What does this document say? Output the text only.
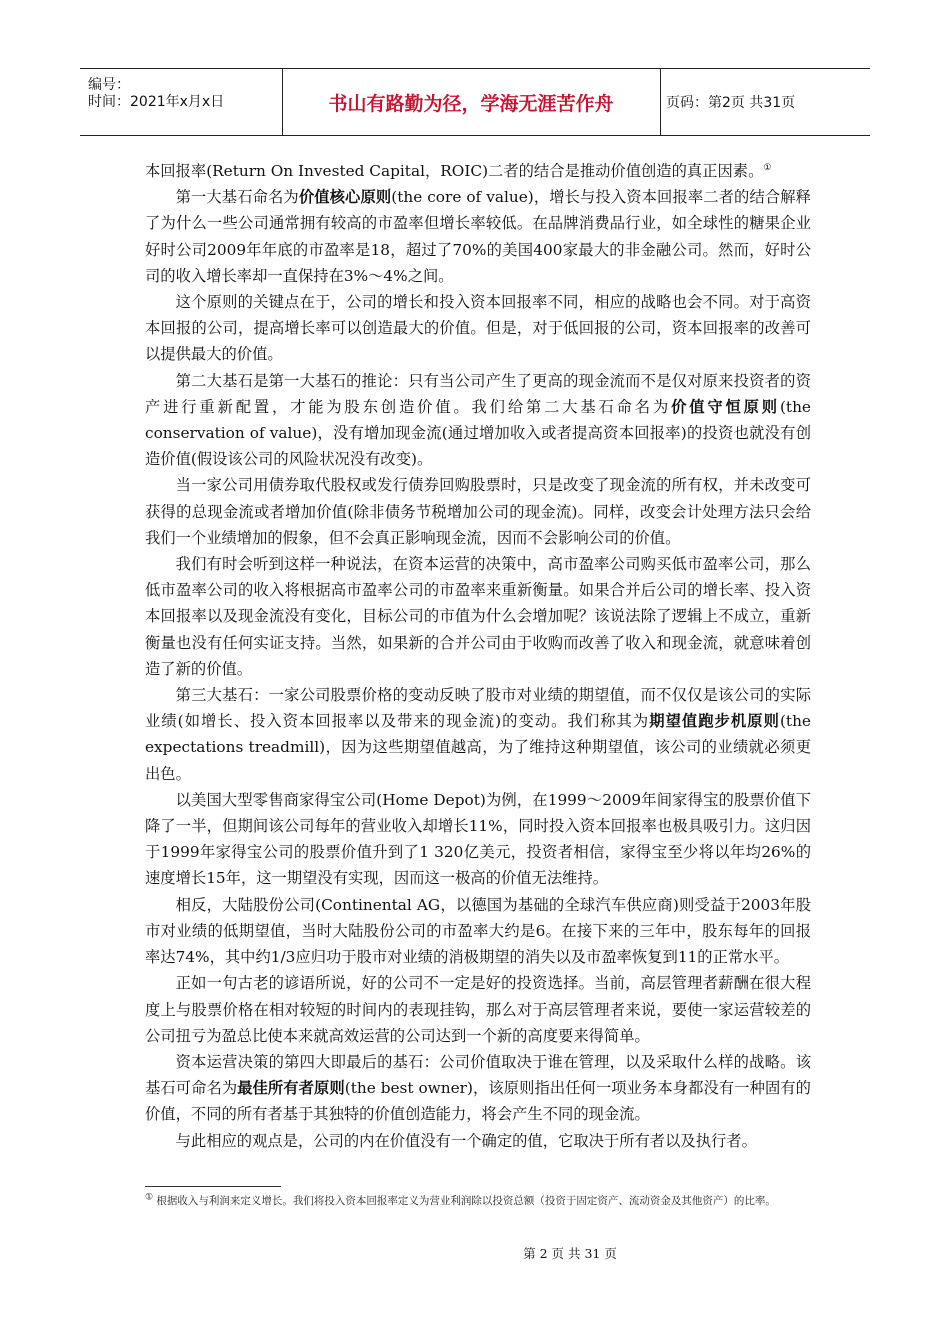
编号：
时间：2021年x月x日	书山有路勤为径，学海无涯苦作舟	页码：第2页 共31页

本回报率(Return On Invested Capital，ROIC)二者的结合是推动价值创造的真正因素。①

第一大基石命名为价值核心原则(the core of value)，增长与投入资本回报率二者的结合解释了为什么一些公司通常拥有较高的市盈率但增长率较低。在品牌消费品行业，如全球性的糖果企业好时公司2009年年底的市盈率是18，超过了70%的美国400家最大的非金融公司。然而，好时公司的收入增长率却一直保持在3%～4%之间。

这个原则的关键点在于，公司的增长和投入资本回报率不同，相应的战略也会不同。对于高资本回报的公司，提高增长率可以创造最大的价值。但是，对于低回报的公司，资本回报率的改善可以提供最大的价值。

第二大基石是第一大基石的推论：只有当公司产生了更高的现金流而不是仅对原来投资者的资产进行重新配置，才能为股东创造价值。我们给第二大基石命名为价值守恒原则(the conservation of value)，没有增加现金流(通过增加收入或者提高资本回报率)的投资也就没有创造价值(假设该公司的风险状况没有改变)。

当一家公司用债券取代股权或发行债券回购股票时，只是改变了现金流的所有权，并未改变可获得的总现金流或者增加价值(除非债务节税增加公司的现金流)。同样，改变会计处理方法只会给我们一个业绩增加的假象，但不会真正影响现金流，因而不会影响公司的价值。

我们有时会听到这样一种说法，在资本运营的决策中，高市盈率公司购买低市盈率公司，那么低市盈率公司的收入将根据高市盈率公司的市盈率来重新衡量。如果合并后公司的增长率、投入资本回报率以及现金流没有变化，目标公司的市值为什么会增加呢？该说法除了逻辑上不成立，重新衡量也没有任何实证支持。当然，如果新的合并公司由于收购而改善了收入和现金流，就意味着创造了新的价值。

第三大基石：一家公司股票价格的变动反映了股市对业绩的期望值，而不仅仅是该公司的实际业绩(如增长、投入资本回报率以及带来的现金流)的变动。我们称其为期望值跑步机原则(the expectations treadmill)，因为这些期望值越高，为了维持这种期望值，该公司的业绩就必须更出色。

以美国大型零售商家得宝公司(Home Depot)为例，在1999～2009年间家得宝的股票价值下降了一半，但期间该公司每年的营业收入却增长11%，同时投入资本回报率也极具吸引力。这归因于1999年家得宝公司的股票价值升到了1 320亿美元，投资者相信，家得宝至少将以年均26%的速度增长15年，这一期望没有实现，因而这一极高的价值无法维持。

相反，大陆股份公司(Continental AG，以德国为基础的全球汽车供应商)则受益于2003年股市对业绩的低期望值，当时大陆股份公司的市盈率大约是6。在接下来的三年中，股东每年的回报率达74%，其中约1/3应归功于股市对业绩的消极期望的消失以及市盈率恢复到11的正常水平。

正如一句古老的谚语所说，好的公司不一定是好的投资选择。当前，高层管理者薪酬在很大程度上与股票价格在相对较短的时间内的表现挂钩，那么对于高层管理者来说，要使一家运营较差的公司扭亏为盈总比使本来就高效运营的公司达到一个新的高度要来得简单。

资本运营决策的第四大即最后的基石：公司价值取决于谁在管理，以及采取什么样的战略。该基石可命名为最佳所有者原则(the best owner)，该原则指出任何一项业务本身都没有一种固有的价值，不同的所有者基于其独特的价值创造能力，将会产生不同的现金流。

与此相应的观点是，公司的内在价值没有一个确定的值，它取决于所有者以及执行者。

① 根据收入与利润来定义增长。我们将投入资本回报率定义为营业利润除以投资总额（投资于固定资产、流动资金及其他资产）的比率。
第 2 页 共 31 页
